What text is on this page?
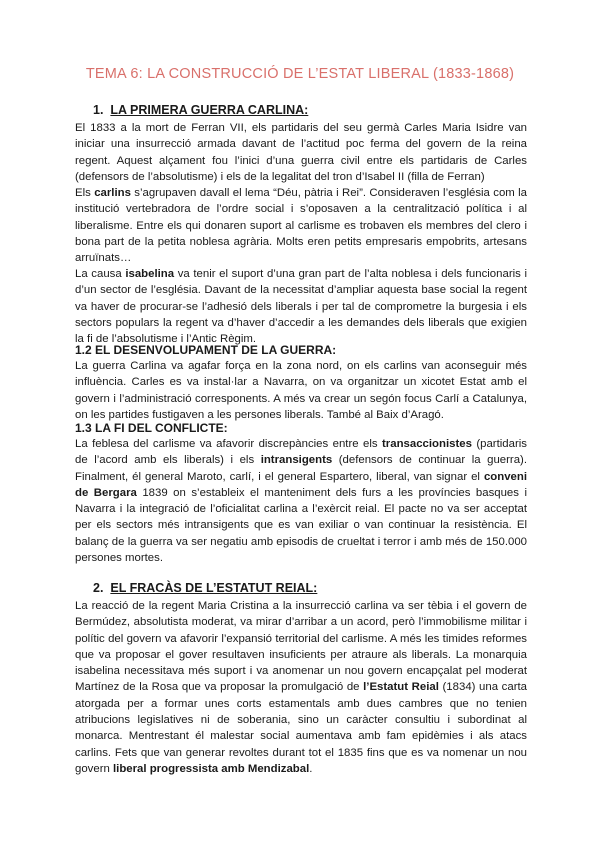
TEMA 6: LA CONSTRUCCIÓ DE L’ESTAT LIBERAL (1833-1868)
1. LA PRIMERA GUERRA CARLINA:

El 1833 a la mort de Ferran VII, els partidaris del seu germà Carles Maria Isidre van iniciar una insurrecció armada davant de l’actitud poc ferma del govern de la reina regent. Aquest alçament fou l’inici d’una guerra civil entre els partidaris de Carles (defensors de l’absolutisme) i els de la legalitat del tron d’Isabel II (filla de Ferran)

Els carlins s’agrupaven davall el lema “Déu, pàtria i Rei”. Consideraven l’església com la institució vertebradora de l’ordre social i s’oposaven a la centralització política i al liberalisme. Entre els qui donaren suport al carlisme es trobaven els membres del clero i bona part de la petita noblesa agrària. Molts eren petits empresaris empobrits, artesans arruïnats…

La causa isabelina va tenir el suport d’una gran part de l’alta noblesa i dels funcionaris i d’un sector de l’església. Davant de la necessitat d’ampliar aquesta base social la regent va haver de procurar-se l’adhesió dels liberals i per tal de comprometre la burgesia i els sectors populars la regent va d’haver d’accedir a les demandes dels liberals que exigien la fi de l’absolutisme i l’Antic Règim.

1.2 EL DESENVOLUPAMENT DE LA GUERRA:

La guerra Carlina va agafar força en la zona nord, on els carlins van aconseguir més influència. Carles es va instal·lar a Navarra, on va organitzar un xicotet Estat amb el govern i l’administració corresponents. A més va crear un segón focus Carlí a Catalunya, on les partides fustigaven a les persones liberals. També al Baix d’Aragó.

1.3 LA FI DEL CONFLICTE:

La feblesa del carlisme va afavorir discrepàncies entre els transaccionistes (partidaris de l’acord amb els liberals) i els intransigents (defensors de continuar la guerra). Finalment, él general Maroto, carlí, i el general Espartero, liberal, van signar el conveni de Bergara 1839 on s’estableix el manteniment dels furs a les províncies basques i Navarra i la integració de l’oficialitat carlina a l’exèrcit reial. El pacte no va ser acceptat per els sectors més intransigents que es van exiliar o van continuar la resistència. El balanç de la guerra va ser negatiu amb episodis de crueltat i terror i amb més de 150.000 persones mortes.

2. EL FRACÀS DE L’ESTATUT REIAL:

La reacció de la regent Maria Cristina a la insurrecció carlina va ser tèbia i el govern de Bermúdez, absolutista moderat, va mirar d’arribar a un acord, però l’immobilisme militar i polític del govern va afavorir l’expansió territorial del carlisme. A més les timides reformes que va proposar el gover resultaven insuficients per atraure als liberals. La monarquia isabelina necessitava més suport i va anomenar un nou govern encapçalat pel moderat Martínez de la Rosa que va proposar la promulgació de l’Estatut Reial (1834) una carta atorgada per a formar unes corts estamentals amb dues cambres que no tenien atribucions legislatives ni de soberania, sino un caràcter consultiu i subordinat al monarca. Mentrestant él malestar social aumentava amb fam epidèmies i als atacs carlins. Fets que van generar revoltes durant tot el 1835 fins que es va nomenar un nou govern liberal progressista amb Mendizabal.
